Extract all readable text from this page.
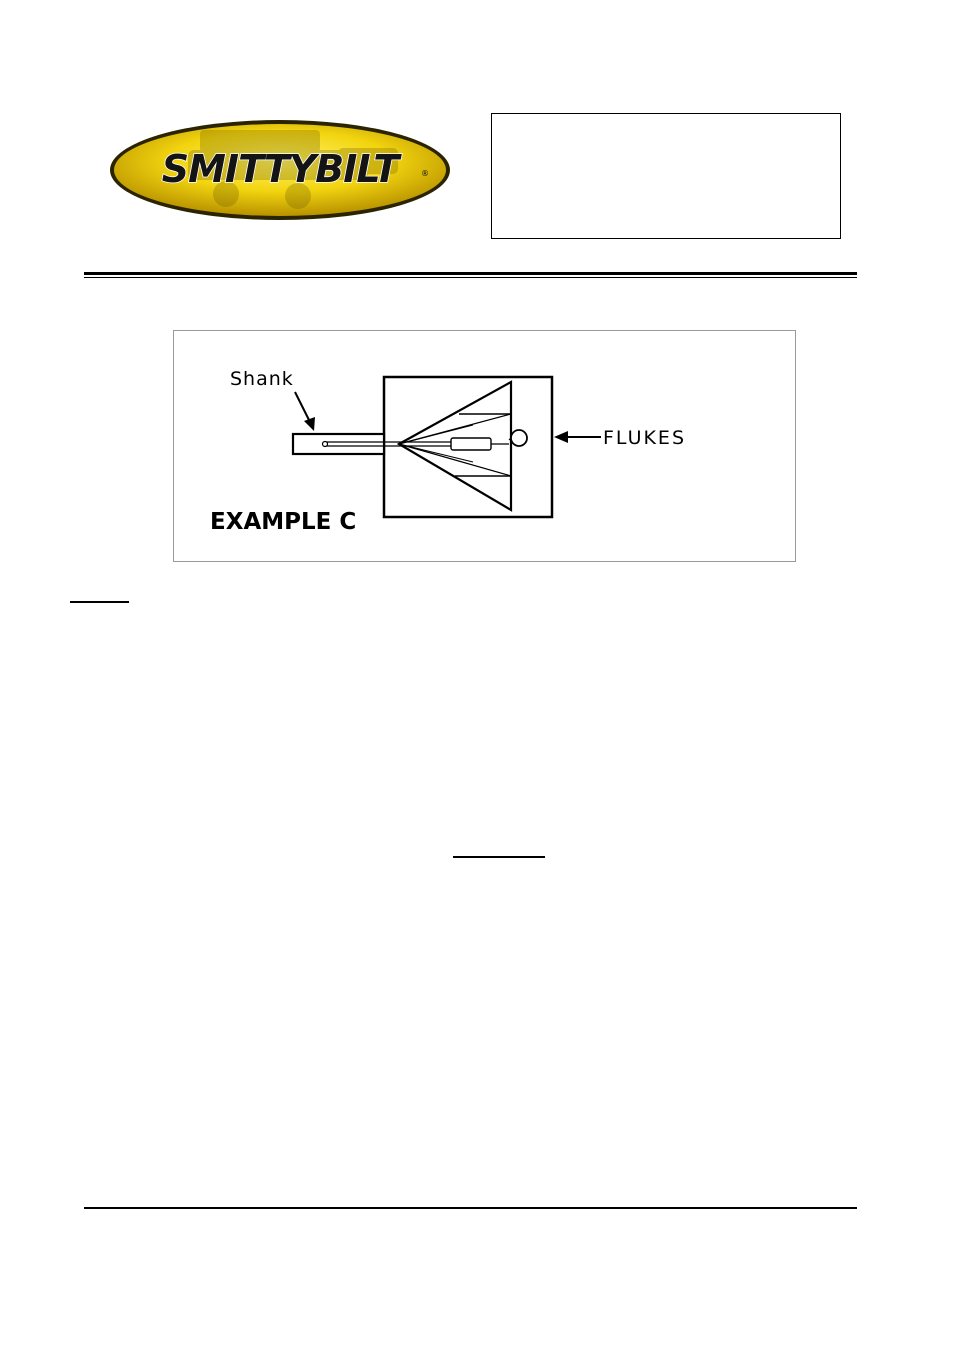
SMITTYBILT	®
Shank
FLUKES
EXAMPLE C
